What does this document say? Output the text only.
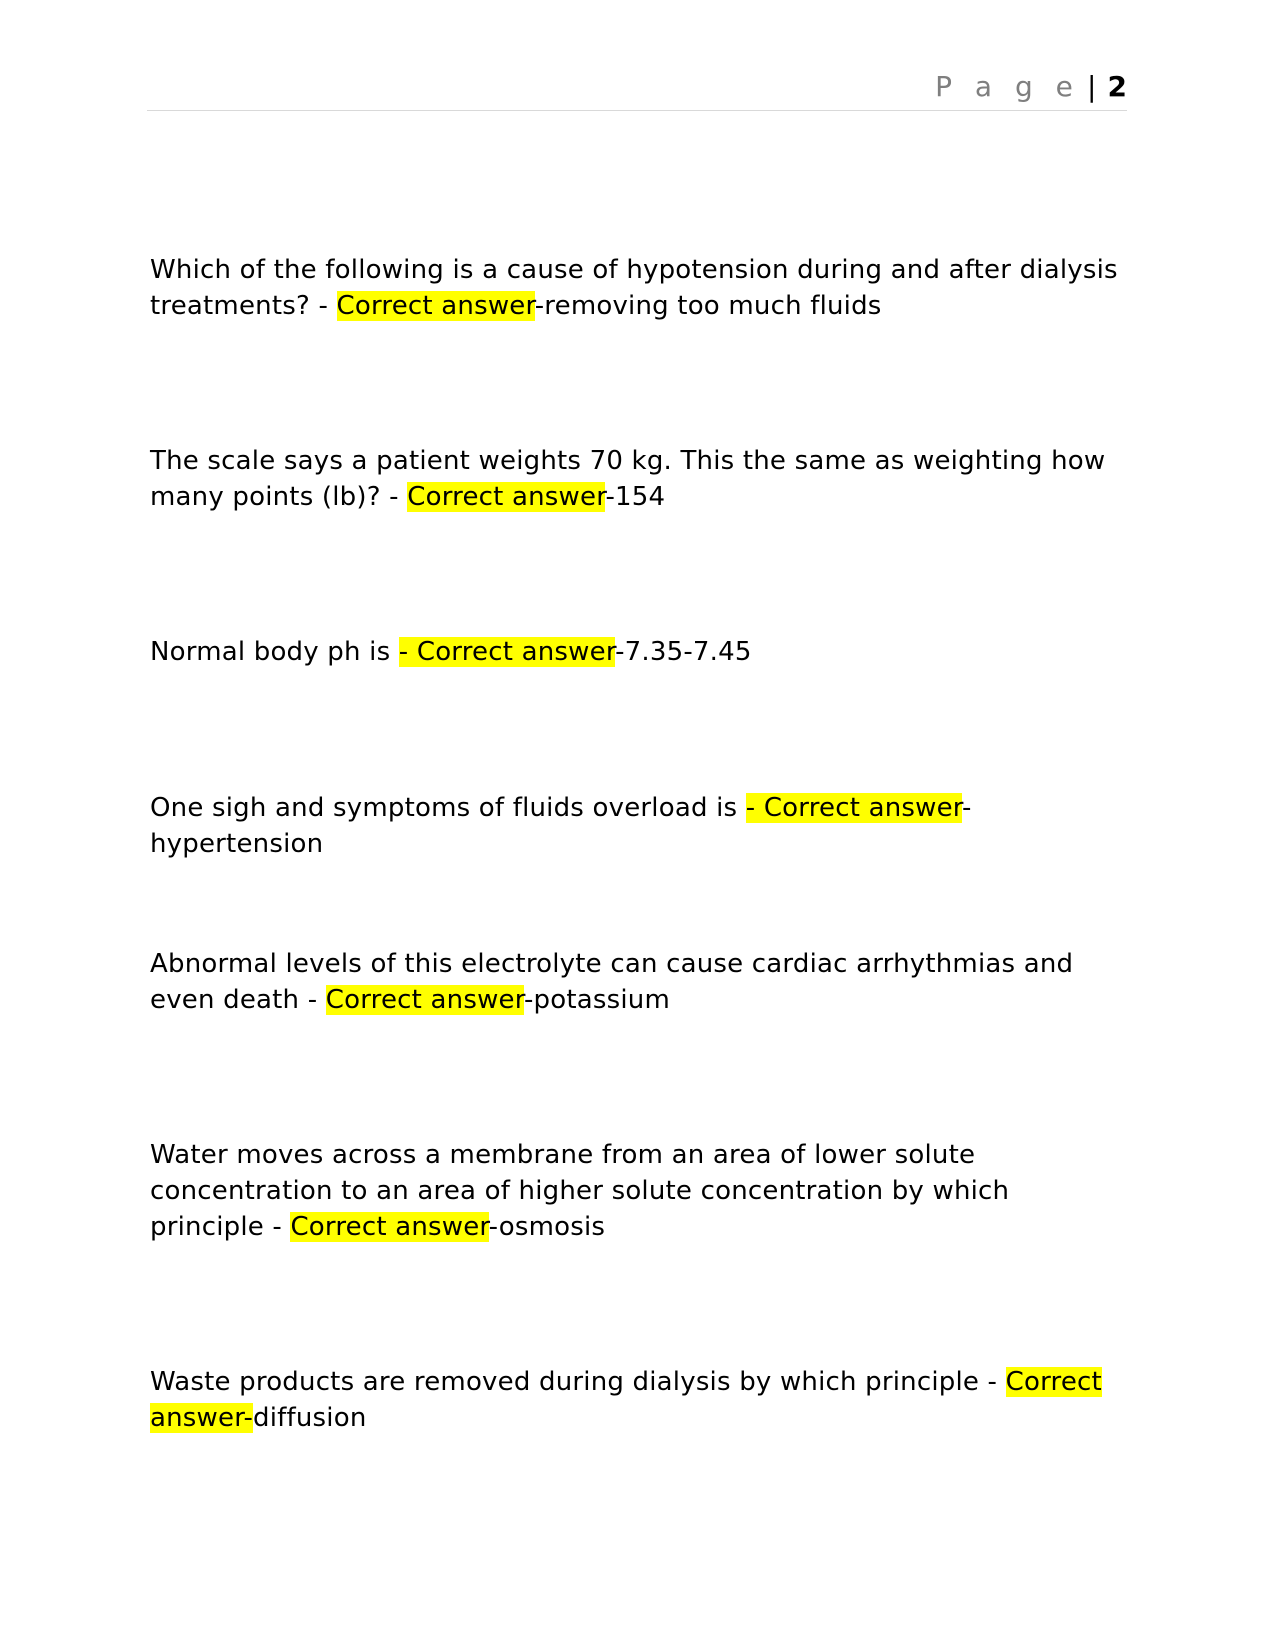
P a g e | 2

Which of the following is a cause of hypotension during and after dialysis treatments? - Correct answer-removing too much fluids

The scale says a patient weights 70 kg. This the same as weighting how many points (lb)? - Correct answer-154

Normal body ph is - Correct answer-7.35-7.45

One sigh and symptoms of fluids overload is - Correct answer-hypertension

Abnormal levels of this electrolyte can cause cardiac arrhythmias and even death - Correct answer-potassium

Water moves across a membrane from an area of lower solute concentration to an area of higher solute concentration by which principle - Correct answer-osmosis

Waste products are removed during dialysis by which principle - Correct answer-diffusion
